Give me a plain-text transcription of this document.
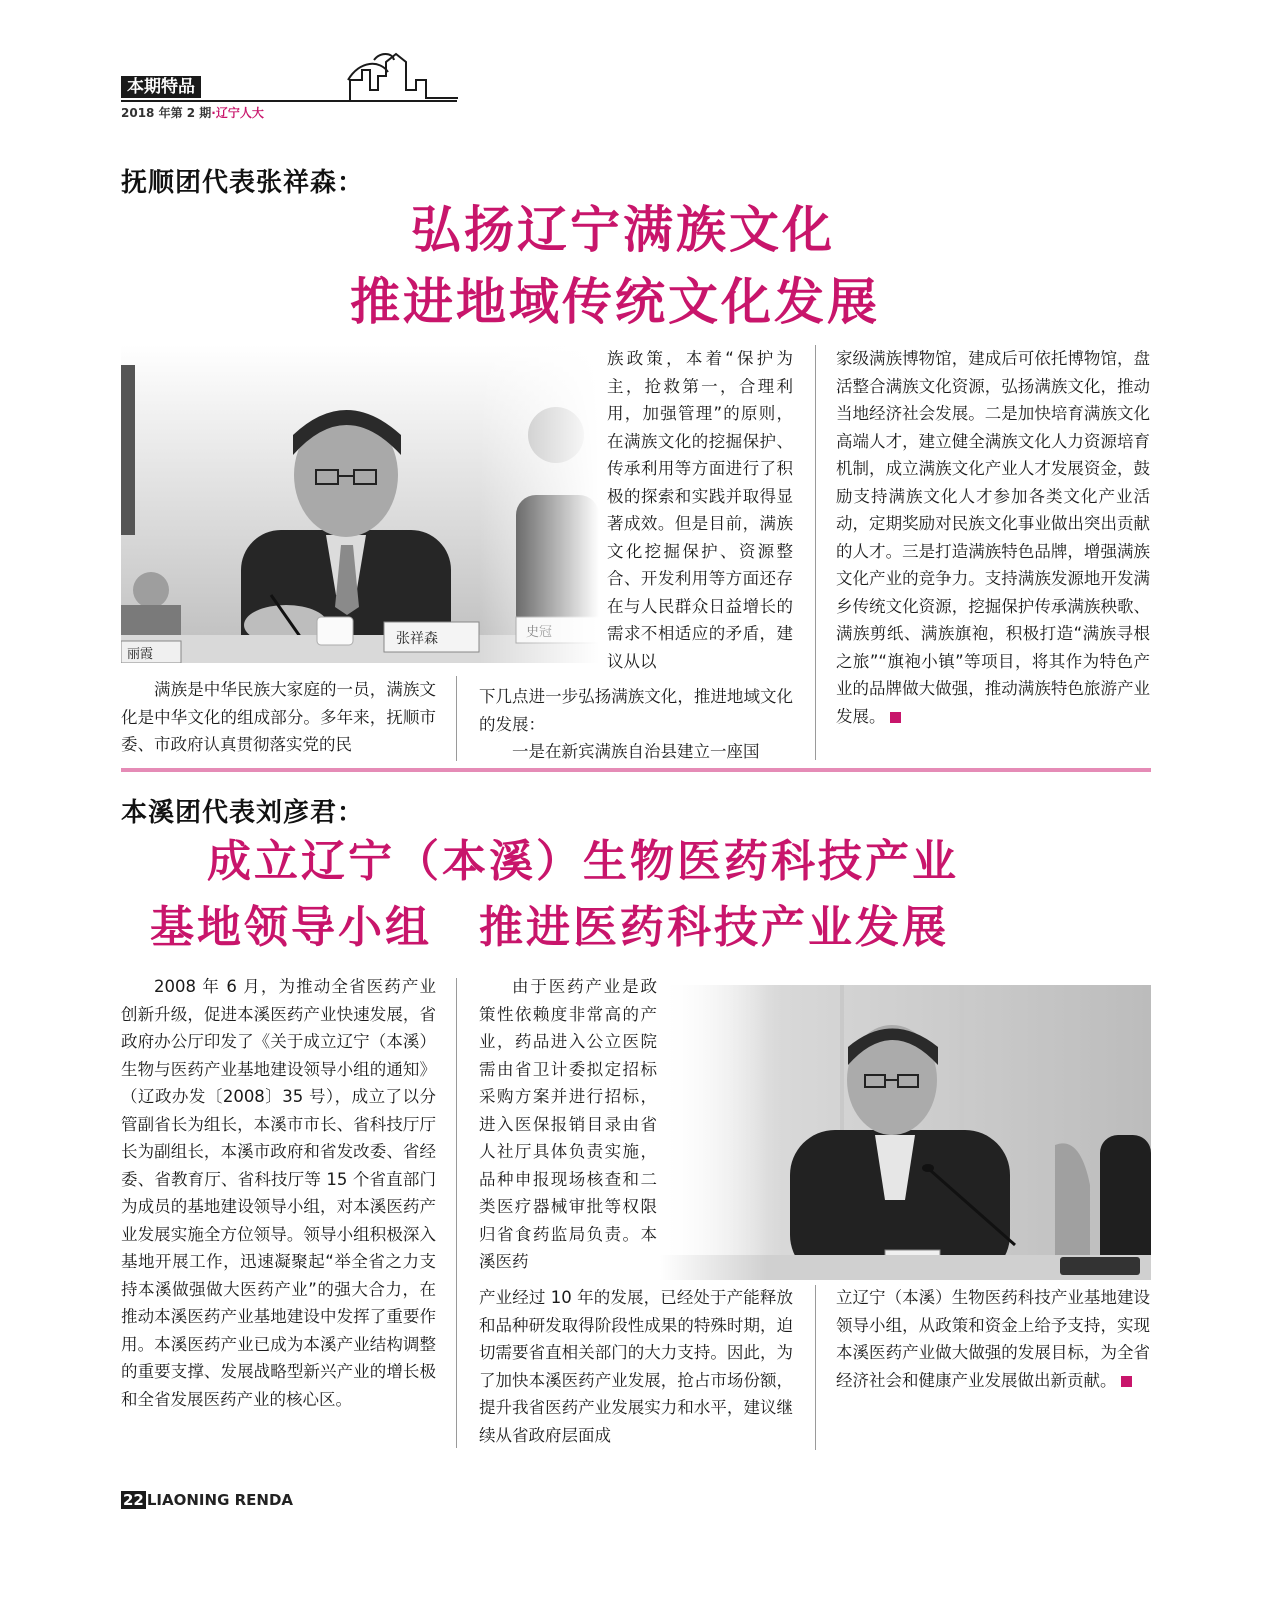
本期特品
2018 年第 2 期·辽宁人大
抚顺团代表张祥森：
弘扬辽宁满族文化
推进地域传统文化发展

满族是中华民族大家庭的一员，满族文化是中华文化的组成部分。多年来，抚顺市委、市政府认真贯彻落实党的民

族政策，本着“保护为主，抢救第一，合理利用，加强管理”的原则，在满族文化的挖掘保护、传承利用等方面进行了积极的探索和实践并取得显著成效。但是目前，满族文化挖掘保护、资源整合、开发利用等方面还存在与人民群众日益增长的需求不相适应的矛盾，建议从以

下几点进一步弘扬满族文化，推进地域文化的发展：

一是在新宾满族自治县建立一座国

家级满族博物馆，建成后可依托博物馆，盘活整合满族文化资源，弘扬满族文化，推动当地经济社会发展。二是加快培育满族文化高端人才，建立健全满族文化人力资源培育机制，成立满族文化产业人才发展资金，鼓励支持满族文化人才参加各类文化产业活动，定期奖励对民族文化事业做出突出贡献的人才。三是打造满族特色品牌，增强满族文化产业的竞争力。支持满族发源地开发满乡传统文化资源，挖掘保护传承满族秧歌、满族剪纸、满族旗袍，积极打造“满族寻根之旅”“旗袍小镇”等项目，将其作为特色产业的品牌做大做强，推动满族特色旅游产业发展。

本溪团代表刘彦君：
成立辽宁（本溪）生物医药科技产业
基地领导小组　推进医药科技产业发展

2008 年 6 月，为推动全省医药产业创新升级，促进本溪医药产业快速发展，省政府办公厅印发了《关于成立辽宁（本溪）生物与医药产业基地建设领导小组的通知》（辽政办发〔2008〕35 号），成立了以分管副省长为组长，本溪市市长、省科技厅厅长为副组长，本溪市政府和省发改委、省经委、省教育厅、省科技厅等 15 个省直部门为成员的基地建设领导小组，对本溪医药产业发展实施全方位领导。领导小组积极深入基地开展工作，迅速凝聚起“举全省之力支持本溪做强做大医药产业”的强大合力，在推动本溪医药产业基地建设中发挥了重要作用。本溪医药产业已成为本溪产业结构调整的重要支撑、发展战略型新兴产业的增长极和全省发展医药产业的核心区。

由于医药产业是政策性依赖度非常高的产业，药品进入公立医院需由省卫计委拟定招标采购方案并进行招标，进入医保报销目录由省人社厅具体负责实施，品种申报现场核查和二类医疗器械审批等权限归省食药监局负责。本溪医药

产业经过 10 年的发展，已经处于产能释放和品种研发取得阶段性成果的特殊时期，迫切需要省直相关部门的大力支持。因此，为了加快本溪医药产业发展，抢占市场份额，提升我省医药产业发展实力和水平，建议继续从省政府层面成

立辽宁（本溪）生物医药科技产业基地建设领导小组，从政策和资金上给予支持，实现本溪医药产业做大做强的发展目标，为全省经济社会和健康产业发展做出新贡献。

22 LIAONING RENDA
